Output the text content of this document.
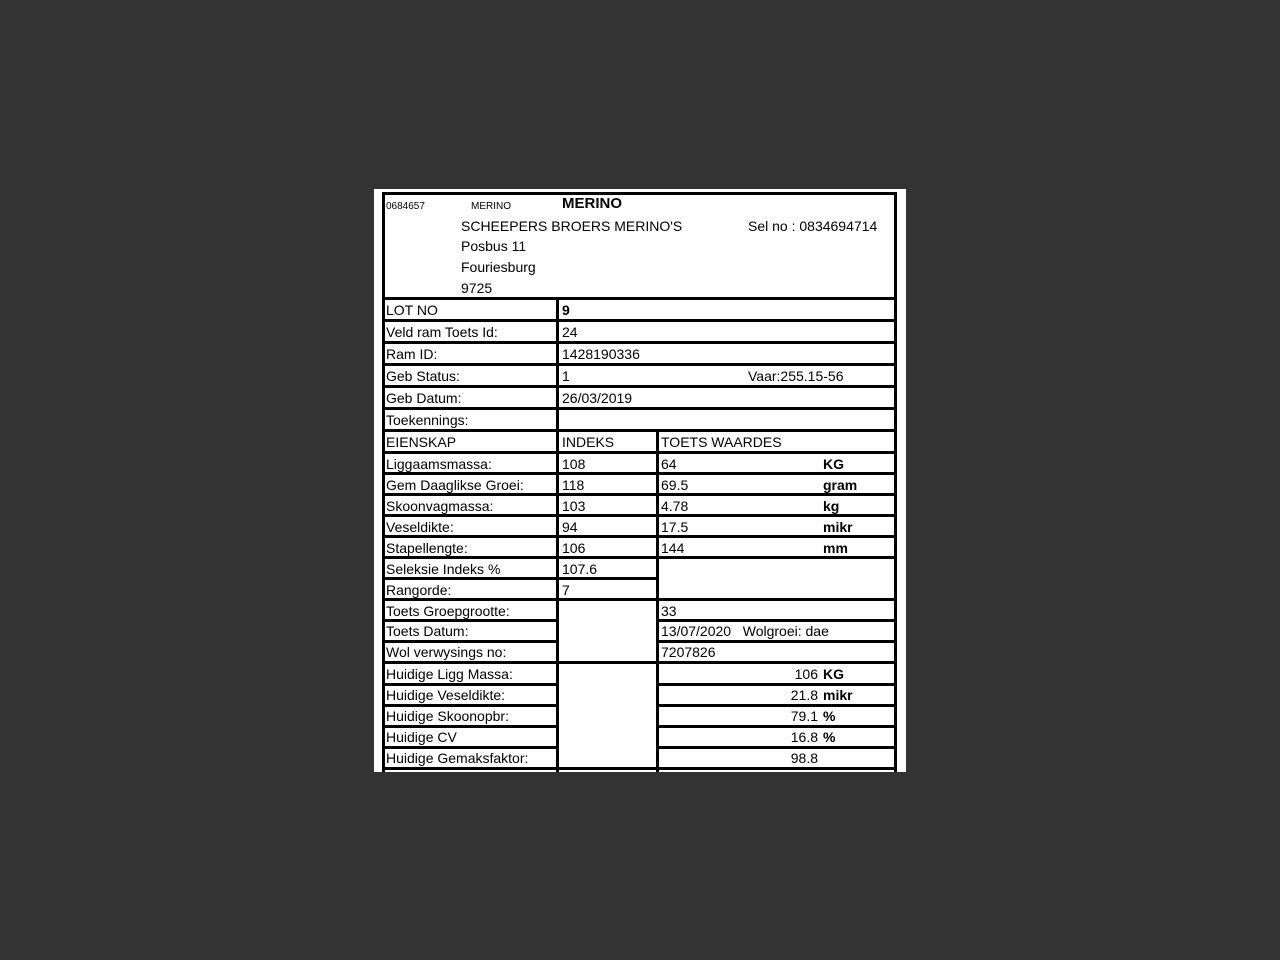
0684657	MERINO	MERINO
SCHEEPERS BROERS MERINO'S	Sel no : 0834694714
Posbus 11
Fouriesburg
9725
LOT NO	9
Veld ram Toets Id:	24
Ram ID:	1428190336
Geb Status:	1	Vaar:255.15-56
Geb Datum:	26/03/2019
Toekennings:
EIENSKAP	INDEKS	TOETS WAARDES
Liggaamsmassa:	108	64	KG
Gem Daaglikse Groei:	118	69.5	gram
Skoonvagmassa:	103	4.78	kg
Veseldikte:	94	17.5	mikr
Stapellengte:	106	144	mm
Seleksie Indeks %	107.6
Rangorde:	7
Toets Groepgrootte:	33
Toets Datum:	13/07/2020   Wolgroei: dae
Wol verwysings no:	7207826
Huidige Ligg Massa:	106 KG
Huidige Veseldikte:	21.8 mikr
Huidige Skoonopbr:	79.1 %
Huidige CV	16.8 %
Huidige Gemaksfaktor:	98.8
